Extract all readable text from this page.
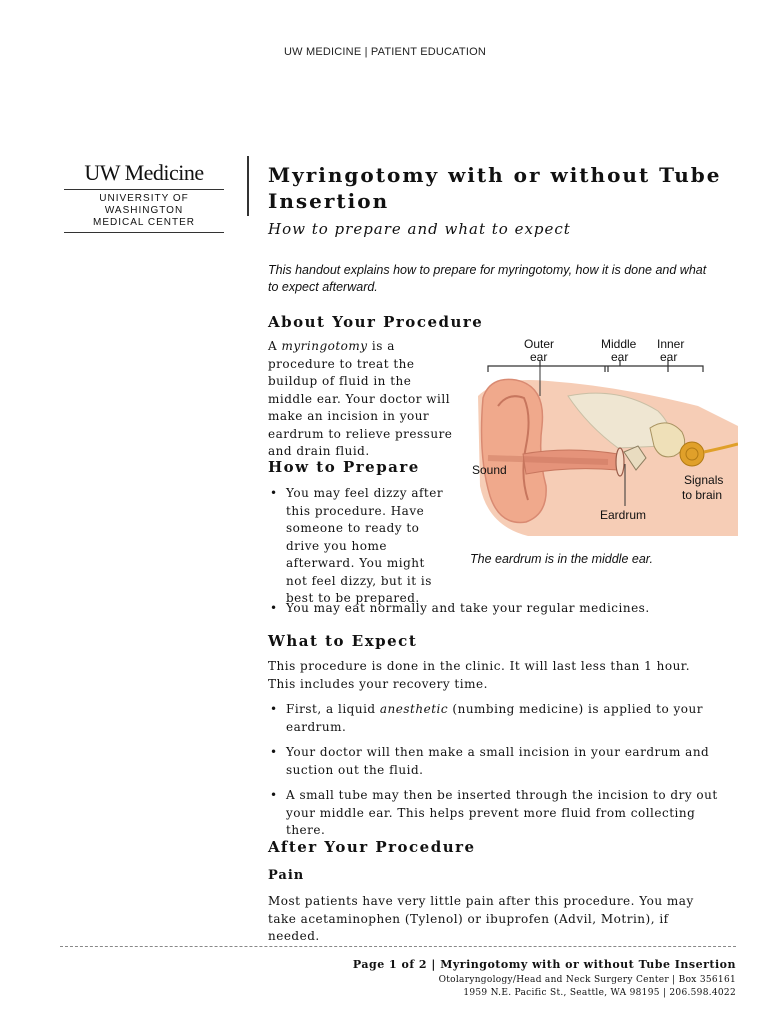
UW MEDICINE | PATIENT EDUCATION
UW Medicine
UNIVERSITY OF WASHINGTON
MEDICAL CENTER
Myringotomy with or without Tube Insertion
How to prepare and what to expect
This handout explains how to prepare for myringotomy, how it is done and what to expect afterward.
About Your Procedure

A myringotomy is a procedure to treat the buildup of fluid in the middle ear. Your doctor will make an incision in your eardrum to relieve pressure and drain fluid.

Outer
ear
Middle
ear
Inner
ear
Sound
Signals
to brain
Eardrum
The eardrum is in the middle ear.
How to Prepare
• You may feel dizzy after this procedure. Have someone to ready to drive you home afterward. You might not feel dizzy, but it is best to be prepared.
• You may eat normally and take your regular medicines.
What to Expect

This procedure is done in the clinic. It will last less than 1 hour. This includes your recovery time.

• First, a liquid anesthetic (numbing medicine) is applied to your eardrum.
• Your doctor will then make a small incision in your eardrum and suction out the fluid.
• A small tube may then be inserted through the incision to dry out your middle ear. This helps prevent more fluid from collecting there.
After Your Procedure
Pain

Most patients have very little pain after this procedure. You may take acetaminophen (Tylenol) or ibuprofen (Advil, Motrin), if needed.

Page 1 of 2 | Myringotomy with or without Tube Insertion
Otolaryngology/Head and Neck Surgery Center | Box 356161
1959 N.E. Pacific St., Seattle, WA 98195 | 206.598.4022
